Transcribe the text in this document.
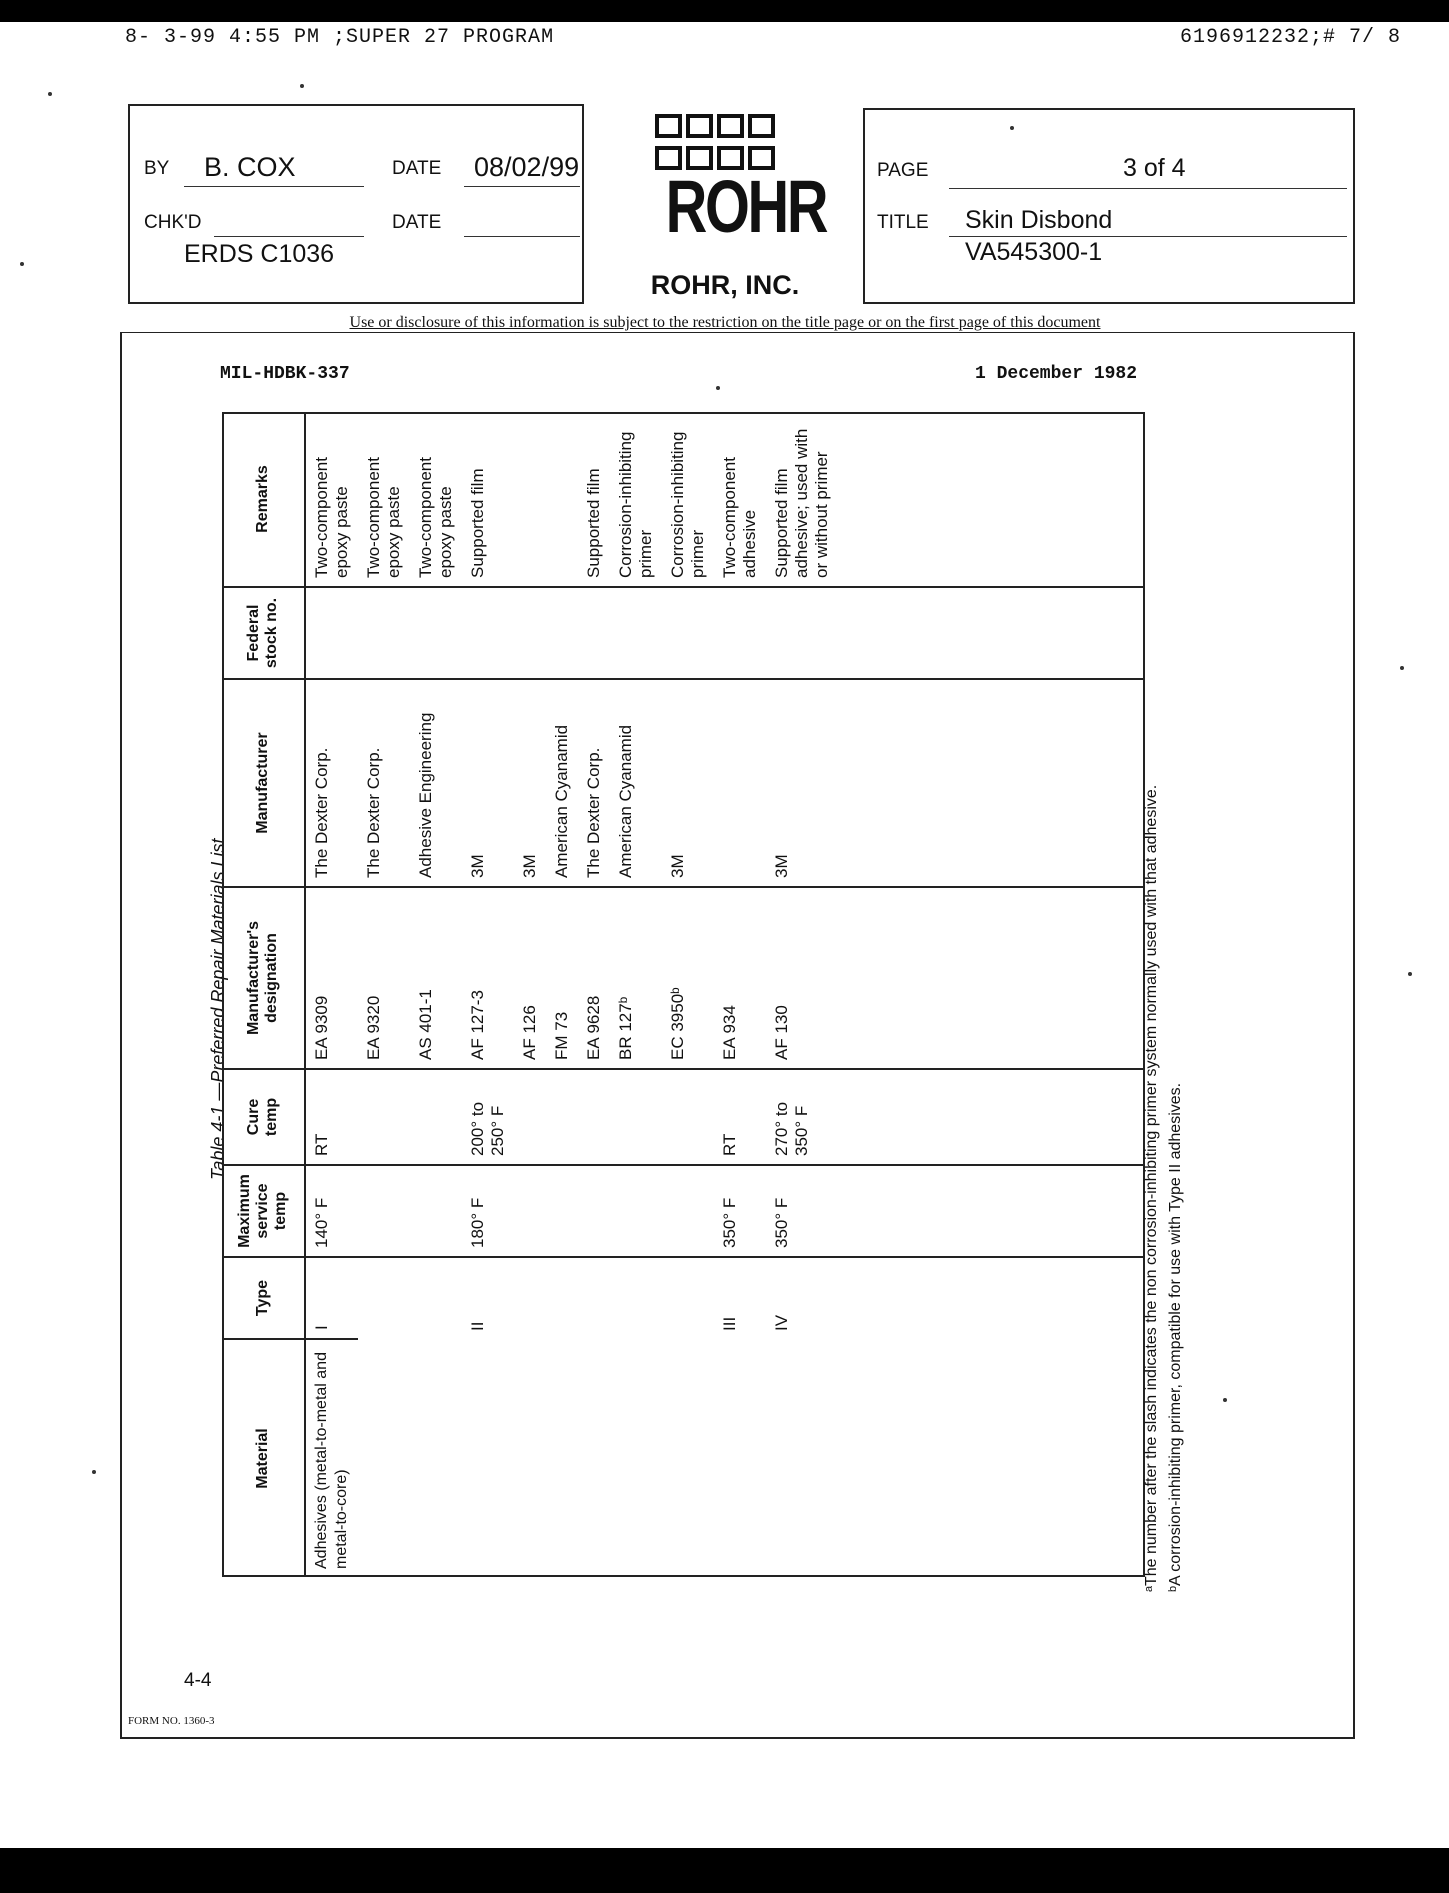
8- 3-99 4:55 PM ;SUPER 27 PROGRAM	6196912232;# 7/ 8
BY B. COX	DATE 08/02/99
CHK'D	DATE
ERDS C1036
ROHR
ROHR, INC.
PAGE	3 of 4
TITLE Skin Disbond
VA545300-1
Use or disclosure of this information is subject to the restriction on the title page or on the first page of this document
MIL-HDBK-337	1 December 1982
Table 4-1.—Preferred Repair Materials List
Material	Type	Maximum service temp	Cure temp	Manufacturer's designation	Manufacturer	Federal stock no.	Remarks
Adhesives (metal-to-metal and metal-to-core)	I	140° F	RT	EA 9309	The Dexter Corp.		Two-component epoxy paste
				EA 9320	The Dexter Corp.		Two-component epoxy paste
				AS 401-1	Adhesive Engineering		Two-component epoxy paste
	II	180° F	200° to 250° F	AF 127-3	3M		Supported film
				AF 126	3M		
				FM 73	American Cyanamid		
				EA 9628	The Dexter Corp.		Supported film
				BR 127ᵇ	American Cyanamid		Corrosion-inhibiting primer
				EC 3950ᵇ	3M		Corrosion-inhibiting primer
	III	350° F	RT	EA 934			Two-component adhesive
	IV	350° F	270° to 350° F	AF 130	3M		Supported film adhesive; used with or without primer

ᵃThe number after the slash indicates the non corrosion-inhibiting primer system normally used with that adhesive. ᵇA corrosion-inhibiting primer, compatible for use with Type II adhesives.
4-4
FORM NO. 1360-3
